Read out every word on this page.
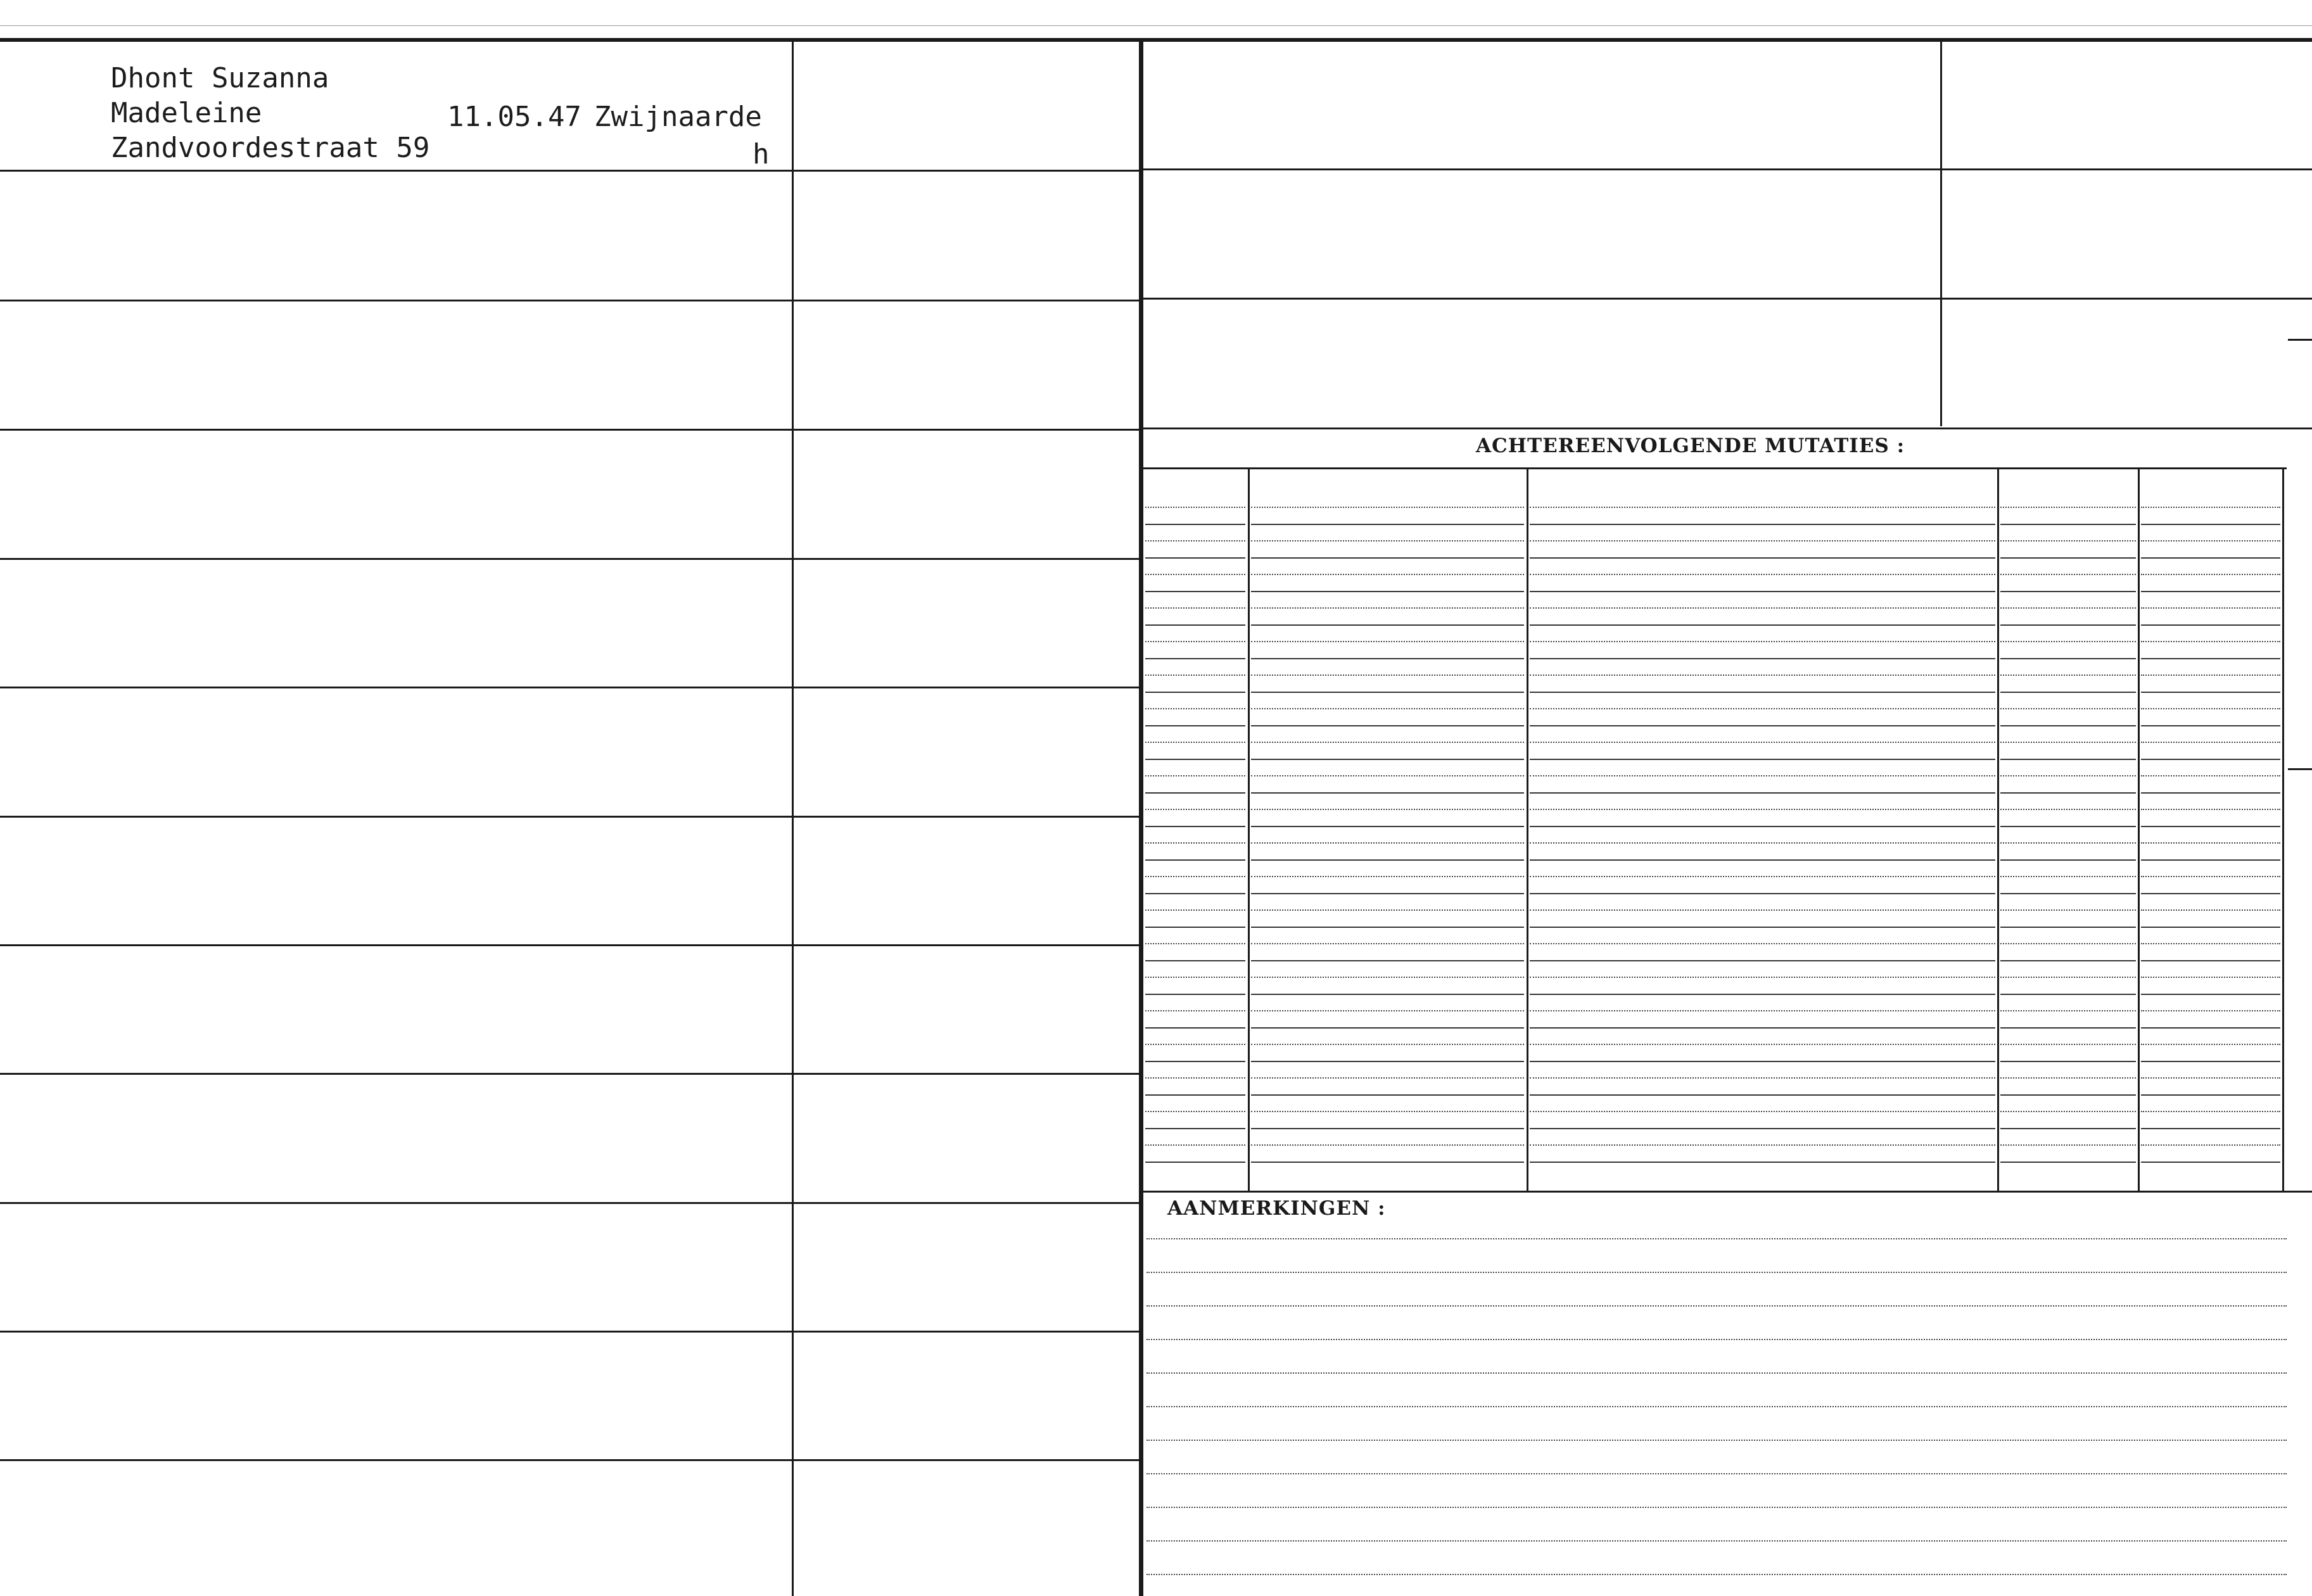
Dhont Suzanna
Madeleine
Zandvoordestraat 59
11.05.47 Zwijnaarde
h
ACHTEREENVOLGENDE MUTATIES :
AANMERKINGEN :
